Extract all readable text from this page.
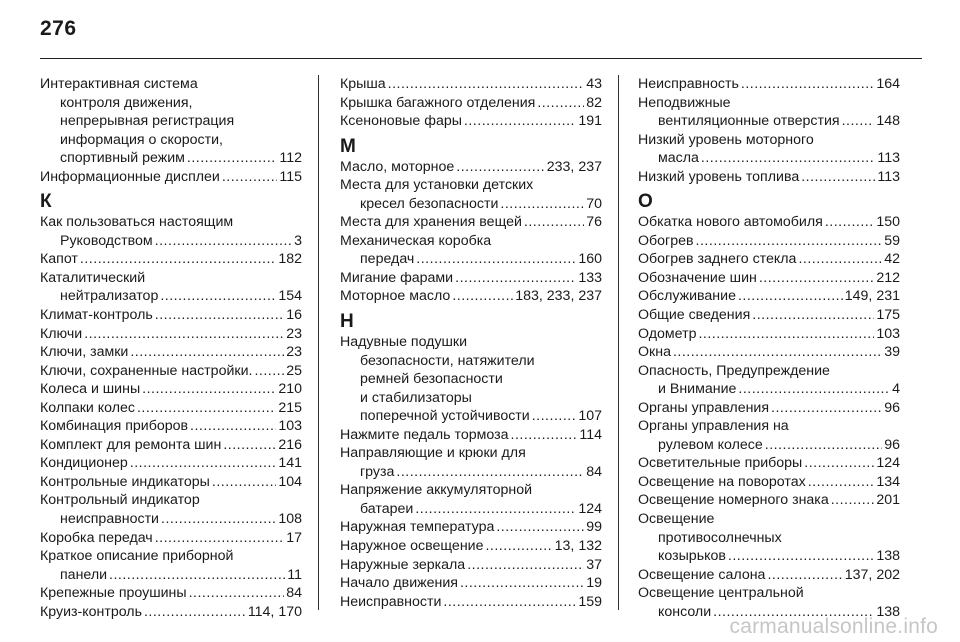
276
Интерактивная система
контроля движения,
непрерывная регистрация
информация о скорости,
спортивный режим .....	112
Информационные дисплеи .....	115
К
Как пользоваться настоящим
Руководством .....	3
Капот .....	182
Каталитический
нейтрализатор .....	154
Климат-контроль .....	16
Ключи .....	23
Ключи, замки .....	23
Ключи, сохраненные настройки. ..... 25
Колеса и шины .....	210
Колпаки колес .....	215
Комбинация приборов .....	103
Комплект для ремонта шин .....	216
Кондиционер .....	141
Контрольные индикаторы .....	104
Контрольный индикатор
неисправности .....	108
Коробка передач .....	17
Краткое описание приборной
панели .....	11
Крепежные проушины .....	84
Круиз-контроль .....	114, 170
Крыша .....	43
Крышка багажного отделения .....	82
Ксеноновые фары .....	191
М
Масло, моторное .....	233, 237
Места для установки детских
кресел безопасности .....	70
Места для хранения вещей .....	76
Механическая коробка
передач .....	160
Мигание фарами .....	133
Моторное масло .....	183, 233, 237
Н
Надувные подушки
безопасности, натяжители
ремней безопасности
и стабилизаторы
поперечной устойчивости .....	107
Нажмите педаль тормоза .....	114
Направляющие и крюки для
груза .....	84
Напряжение аккумуляторной
батареи .....	124
Наружная температура .....	99
Наружное освещение .....	13, 132
Наружные зеркала .....	37
Начало движения .....	19
Неисправности .....	159
Неисправность .....	164
Неподвижные
вентиляционные отверстия .....	148
Низкий уровень моторного
масла .....	113
Низкий уровень топлива .....	113
О
Обкатка нового автомобиля .....	150
Обогрев .....	59
Обогрев заднего стекла .....	42
Обозначение шин .....	212
Обслуживание .....	149, 231
Общие сведения .....	175
Одометр .....	103
Окна .....	39
Опасность, Предупреждение
и Внимание .....	4
Органы управления .....	96
Органы управления на
рулевом колесе .....	96
Осветительные приборы .....	124
Освещение на поворотах .....	134
Освещение номерного знака .....	201
Освещение
противосолнечных
козырьков .....	138
Освещение салона .....	137, 202
Освещение центральной
консоли .....	138
carmanualsonline.info
